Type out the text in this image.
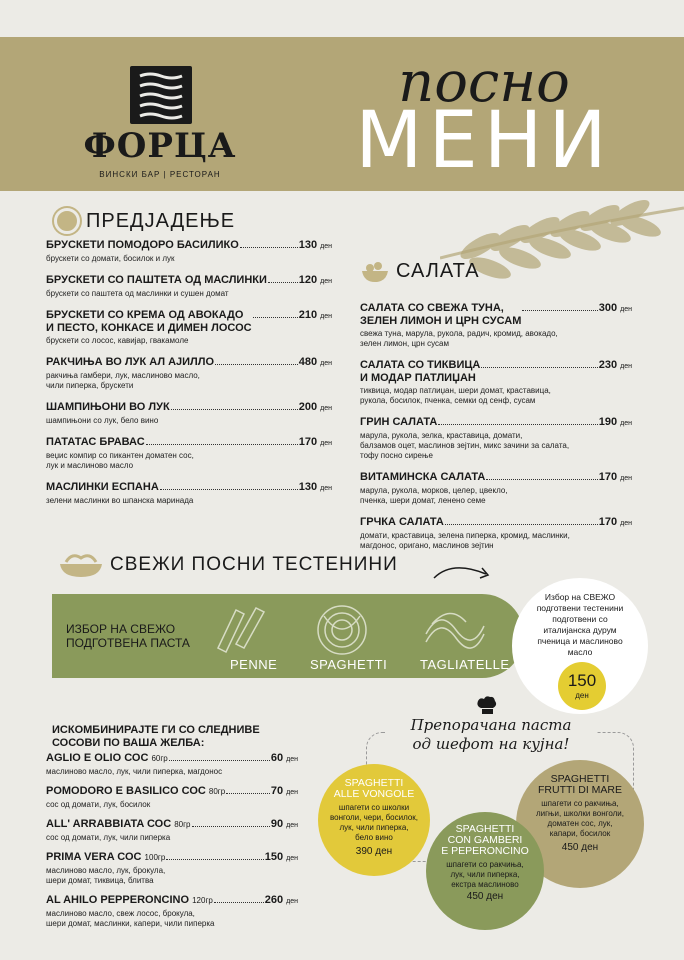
ФОРЦА
ВИНСКИ БАР | РЕСТОРАН
посно
МЕНИ
ПРЕДЈАДЕЊЕ
БРУСКЕТИ ПОМОДОРО БАСИЛИКО	130 ден
брускети со домати, босилок и лук
БРУСКЕТИ СО ПАШТЕТА ОД МАСЛИНКИ	120 ден
брускети со паштета од маслинки и сушен домат
БРУСКЕТИ СО КРЕМА ОД АВОКАДО
И ПЕСТО, КОНКАСЕ И ДИМЕН ЛОСОС
210 ден
брускети со лосос, кавијар, гвакамоле
РАКЧИЊА ВО ЛУК АЛ АЈИЛЛО	480 ден
ракчиња гамбери, лук, маслиново масло,
чили пиперка, брускети
ШАМПИЊОНИ ВО ЛУК	200 ден
шампињони со лук, бело вино
ПАТАТАС БРАВАС	170 ден
веџис компир со пикантен доматен сос,
лук и маслиново масло
МАСЛИНКИ ЕСПАНА	130 ден
зелени маслинки во шпанска маринада
САЛАТА
САЛАТА СО СВЕЖА ТУНА,
ЗЕЛЕН ЛИМОН И ЦРН СУСАМ
300 ден
свежа туна, марула, рукола, радич, кромид, авокадо,
зелен лимон, црн сусам
САЛАТА СО ТИКВИЦА
И МОДАР ПАТЛИЏАН
230 ден
тиквица, модар патлиџан, шери домат, краставица,
рукола, босилок, пченка, семки од сенф, сусам
ГРИН САЛАТА	190 ден
марула, рукола, зелка, краставица, домати,
балзамов оцет, маслинов зејтин, микс зачини за салата,
тофу посно сирење
ВИТАМИНСКА САЛАТА	170 ден
марула, рукола, морков, целер, цвекло,
пченка, шери домат, ленено семе
ГРЧКА САЛАТА	170 ден
домати, краставица, зелена пиперка, кромид, маслинки,
магдонос, оригано, маслинов зејтин
СВЕЖИ ПОСНИ ТЕСТЕНИНИ
ИЗБОР НА СВЕЖО
ПОДГОТВЕНА ПАСТА
PENNE	SPAGHETTI	TAGLIATELLE
Избор на СВЕЖО
подготвени тестенини
подготвени со
италијанска дурум
пченица и маслиново
масло
150
ден
ИСКОМБИНИРАЈТЕ ГИ СО СЛЕДНИВЕ
СОСОВИ ПО ВАША ЖЕЛБА:
AGLIO E OLIO СОС
60гр	60 ден
маслиново масло, лук, чили пиперка, магдонос
POMODORO E BASILICO СОС
80гр	70 ден
сос од домати, лук, босилок
ALL' ARRABBIATA СОС
80гр	90 ден
сос од домати, лук, чили пиперка
PRIMA VERA СОС
100гр	150 ден
маслиново масло, лук, брокула,
шери домат, тиквица, блитва
AL AHILO PEPPERONCINO
120гр	260 ден
маслиново масло, свеж лосос, брокула,
шери домат, маслинки, капери, чили пиперка
Препорачана паста
од шефот на кујна!
SPAGHETTI
ALLE VONGOLE
шпагети со школки
вонголи, чери, босилок,
лук, чили пиперка,
бело вино
390 ден
SPAGHETTI
FRUTTI DI MARE
шпагети со ракчиња,
лигњи, школки вонголи,
доматен сос, лук,
капари, босилок
450 ден
SPAGHETTI
CON GAMBERI
E PEPERONCINO
шпагети со ракчиња,
лук, чили пиперка,
екстра маслиново
450 ден
